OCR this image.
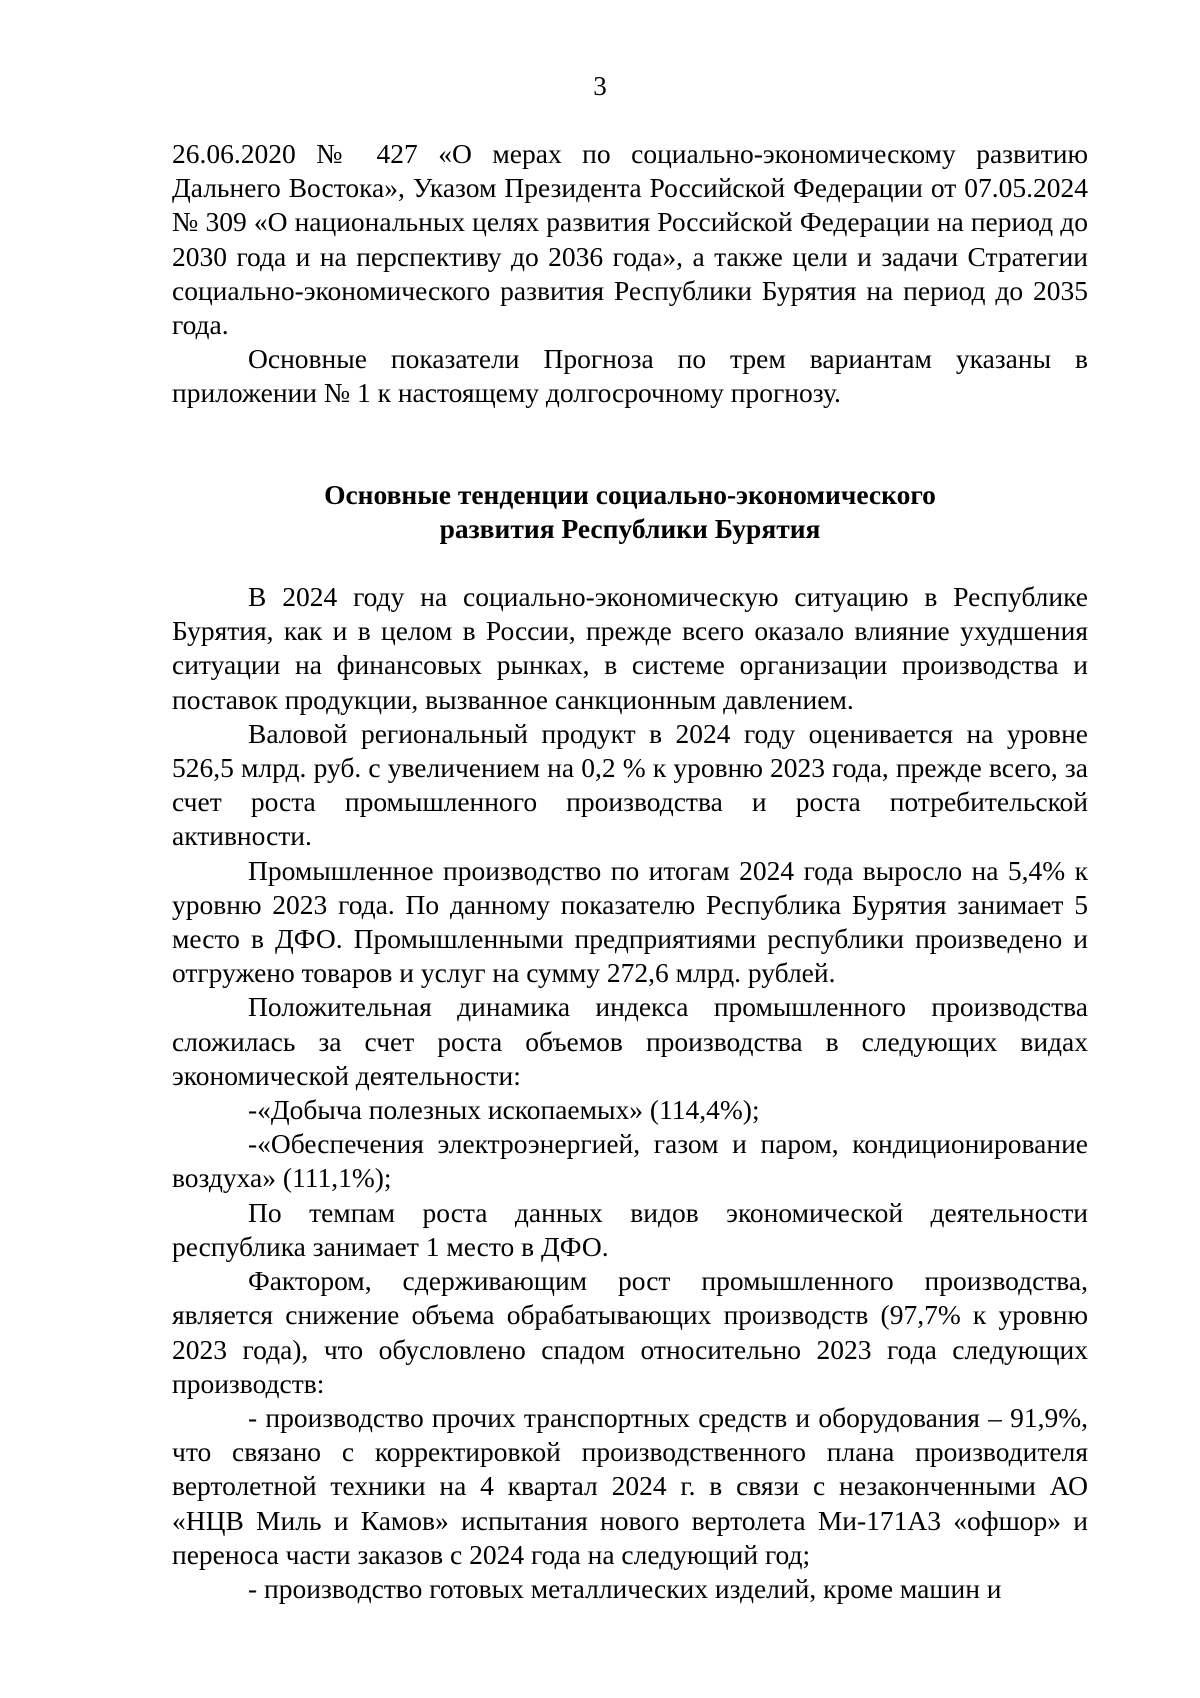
3

26.06.2020 № 427 «О мерах по социально-экономическому развитию Дальнего Востока», Указом Президента Российской Федерации от 07.05.2024 № 309 «О национальных целях развития Российской Федерации на период до 2030 года и на перспективу до 2036 года», а также цели и задачи Стратегии социально-экономического развития Республики Бурятия на период до 2035 года.

Основные показатели Прогноза по трем вариантам указаны в приложении № 1 к настоящему долгосрочному прогнозу.

Основные тенденции социально-экономического
развития Республики Бурятия

В 2024 году на социально-экономическую ситуацию в Республике Бурятия, как и в целом в России, прежде всего оказало влияние ухудшения ситуации на финансовых рынках, в системе организации производства и поставок продукции, вызванное санкционным давлением.

Валовой региональный продукт в 2024 году оценивается на уровне 526,5 млрд. руб. с увеличением на 0,2 % к уровню 2023 года, прежде всего, за счет роста промышленного производства и роста потребительской активности.

Промышленное производство по итогам 2024 года выросло на 5,4% к уровню 2023 года. По данному показателю Республика Бурятия занимает 5 место в ДФО. Промышленными предприятиями республики произведено и отгружено товаров и услуг на сумму 272,6 млрд. рублей.

Положительная динамика индекса промышленного производства сложилась за счет роста объемов производства в следующих видах экономической деятельности:

-«Добыча полезных ископаемых» (114,4%);

-«Обеспечения электроэнергией, газом и паром, кондиционирование воздуха» (111,1%);

По темпам роста данных видов экономической деятельности республика занимает 1 место в ДФО.

Фактором, сдерживающим рост промышленного производства, является снижение объема обрабатывающих производств (97,7% к уровню 2023 года), что обусловлено спадом относительно 2023 года следующих производств:

- производство прочих транспортных средств и оборудования – 91,9%, что связано с корректировкой производственного плана производителя вертолетной техники на 4 квартал 2024 г. в связи с незаконченными АО «НЦВ Миль и Камов» испытания нового вертолета Ми-171А3 «офшор» и переноса части заказов с 2024 года на следующий год;

- производство готовых металлических изделий, кроме машин и
